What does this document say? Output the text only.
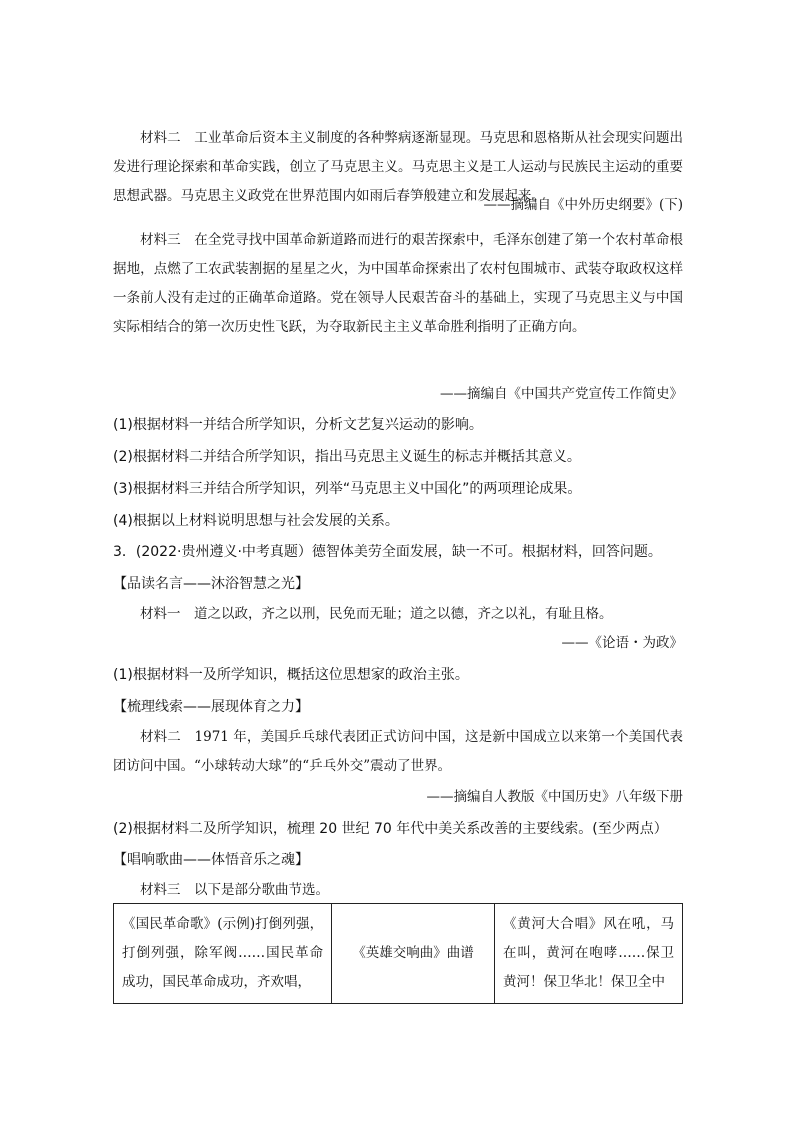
材料二　工业革命后资本主义制度的各种弊病逐渐显现。马克思和恩格斯从社会现实问题出发进行理论探索和革命实践，创立了马克思主义。马克思主义是工人运动与民族民主运动的重要思想武器。马克思主义政党在世界范围内如雨后春笋般建立和发展起来。

——摘编自《中外历史纲要》(下)

材料三　在全党寻找中国革命新道路而进行的艰苦探索中，毛泽东创建了第一个农村革命根据地，点燃了工农武装割据的星星之火，为中国革命探索出了农村包围城市、武装夺取政权这样一条前人没有走过的正确革命道路。党在领导人民艰苦奋斗的基础上，实现了马克思主义与中国实际相结合的第一次历史性飞跃，为夺取新民主主义革命胜利指明了正确方向。

——摘编自《中国共产党宣传工作简史》
(1)根据材料一并结合所学知识，分析文艺复兴运动的影响。
(2)根据材料二并结合所学知识，指出马克思主义诞生的标志并概括其意义。
(3)根据材料三并结合所学知识，列举“马克思主义中国化”的两项理论成果。
(4)根据以上材料说明思想与社会发展的关系。
3．(2022·贵州遵义·中考真题）德智体美劳全面发展，缺一不可。根据材料，回答问题。
【品读名言——沐浴智慧之光】

材料一　道之以政，齐之以刑，民免而无耻；道之以德，齐之以礼，有耻且格。

——《论语・为政》
(1)根据材料一及所学知识，概括这位思想家的政治主张。
【梳理线索——展现体育之力】

材料二　1971 年，美国乒乓球代表团正式访问中国，这是新中国成立以来第一个美国代表团访问中国。“小球转动大球”的“乒乓外交”震动了世界。

——摘编自人教版《中国历史》八年级下册
(2)根据材料二及所学知识，梳理 20 世纪 70 年代中美关系改善的主要线索。(至少两点）
【唱响歌曲——体悟音乐之魂】

材料三　以下是部分歌曲节选。

《国民革命歌》(示例)打倒列强，打倒列强，除军阀……国民革命成功，国民革命成功，齐欢唱，	《英雄交响曲》曲谱	《黄河大合唱》风在吼，马在叫，黄河在咆哮……保卫黄河！保卫华北！保卫全中
